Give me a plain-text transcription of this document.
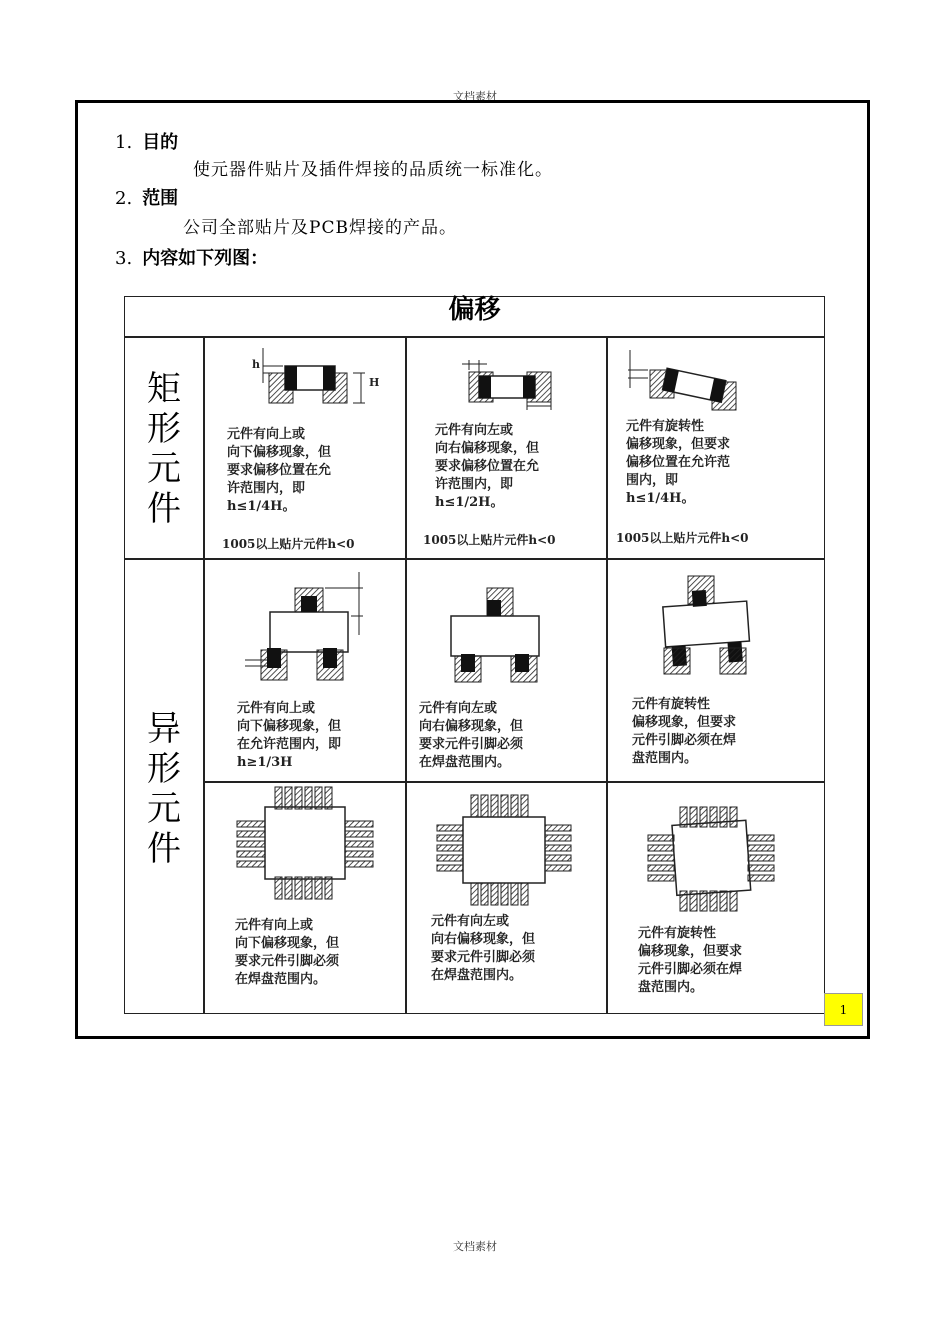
文档素材
1. 目的
使元器件贴片及插件焊接的品质统一标准化。
2. 范围
公司全部贴片及PCB焊接的产品。
3. 内容如下列图：
偏移
矩
形
元
件
异
形
元
件
h
H
元件有向上或
向下偏移现象，但
要求偏移位置在允
许范围内，即
h≤1/4H。
1005以上贴片元件h<0
元件有向左或
向右偏移现象，但
要求偏移位置在允
许范围内，即
h≤1/2H。
1005以上贴片元件h<0
元件有旋转性
偏移现象，但要求
偏移位置在允许范
围内，即
h≤1/4H。
1005以上贴片元件h<0
元件有向上或
向下偏移现象，但
在允许范围内，即
h≥1/3H
元件有向左或
向右偏移现象，但
要求元件引脚必须
在焊盘范围内。
元件有旋转性
偏移现象，但要求
元件引脚必须在焊
盘范围内。
元件有向上或
向下偏移现象，但
要求元件引脚必须
在焊盘范围内。
元件有向左或
向右偏移现象，但
要求元件引脚必须
在焊盘范围内。
元件有旋转性
偏移现象，但要求
元件引脚必须在焊
盘范围内。
1
文档素材
